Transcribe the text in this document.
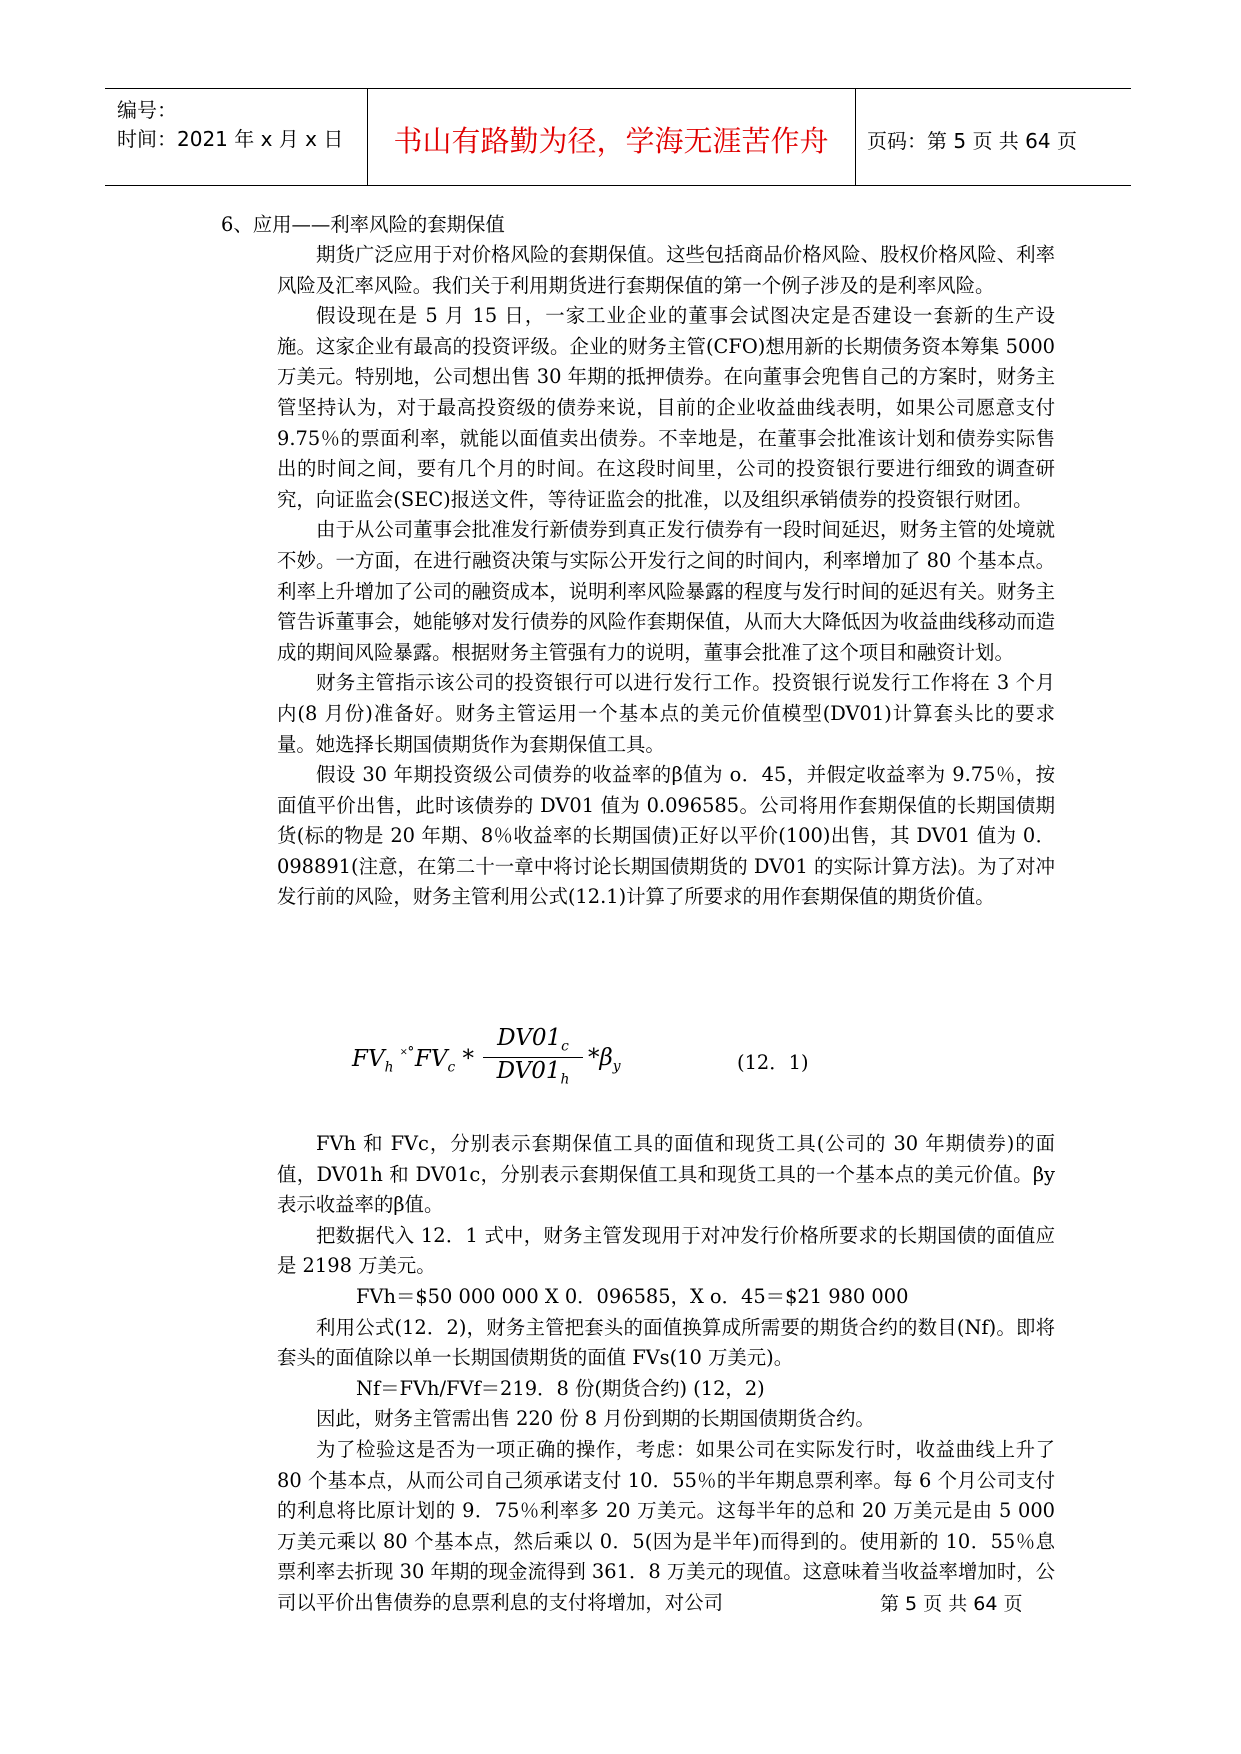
编号：
时间：2021 年 x 月 x 日	书山有路勤为径，学海无涯苦作舟	页码：第 5 页 共 64 页
6、应用——利率风险的套期保值

期货广泛应用于对价格风险的套期保值。这些包括商品价格风险、股权价格风险、利率风险及汇率风险。我们关于利用期货进行套期保值的第一个例子涉及的是利率风险。

假设现在是 5 月 15 日，一家工业企业的董事会试图决定是否建设一套新的生产设施。这家企业有最高的投资评级。企业的财务主管(CFO)想用新的长期债务资本筹集 5000 万美元。特别地，公司想出售 30 年期的抵押债券。在向董事会兜售自己的方案时，财务主管坚持认为，对于最高投资级的债券来说，目前的企业收益曲线表明，如果公司愿意支付 9.75％的票面利率，就能以面值卖出债券。不幸地是，在董事会批准该计划和债券实际售出的时间之间，要有几个月的时间。在这段时间里，公司的投资银行要进行细致的调查研究，向证监会(SEC)报送文件，等待证监会的批准，以及组织承销债券的投资银行财团。

由于从公司董事会批准发行新债券到真正发行债券有一段时间延迟，财务主管的处境就不妙。一方面，在进行融资决策与实际公开发行之间的时间内，利率增加了 80 个基本点。利率上升增加了公司的融资成本，说明利率风险暴露的程度与发行时间的延迟有关。财务主管告诉董事会，她能够对发行债券的风险作套期保值，从而大大降低因为收益曲线移动而造成的期间风险暴露。根据财务主管强有力的说明，董事会批准了这个项目和融资计划。

财务主管指示该公司的投资银行可以进行发行工作。投资银行说发行工作将在 3 个月内(8 月份)准备好。财务主管运用一个基本点的美元价值模型(DV01)计算套头比的要求量。她选择长期国债期货作为套期保值工具。

假设 30 年期投资级公司债券的收益率的β值为 o．45，并假定收益率为 9.75％，按面值平价出售，此时该债券的 DV01 值为 0.096585。公司将用作套期保值的长期国债期货(标的物是 20 年期、8％收益率的长期国债)正好以平价(100)出售，其 DV01 值为 0．098891(注意，在第二十一章中将讨论长期国债期货的 DV01 的实际计算方法)。为了对冲发行前的风险，财务主管利用公式(12.1)计算了所要求的用作套期保值的期货价值。

$FV_h$ $^{˟˚}FV_c * \frac{DV01_c}{DV01_h} *\beta_y$	(12．1)

FVh 和 FVc，分别表示套期保值工具的面值和现货工具(公司的 30 年期债券)的面值，DV01h 和 DV01c，分别表示套期保值工具和现货工具的一个基本点的美元价值。βy 表示收益率的β值。

把数据代入 12．1 式中，财务主管发现用于对冲发行价格所要求的长期国债的面值应是 2198 万美元。

FVh＝$50 000 000 X 0．096585，X o．45＝$21 980 000

利用公式(12．2)，财务主管把套头的面值换算成所需要的期货合约的数目(Nf)。即将套头的面值除以单一长期国债期货的面值 FVs(10 万美元)。

Nf＝FVh/FVf＝219．8 份(期货合约) (12，2)

因此，财务主管需出售 220 份 8 月份到期的长期国债期货合约。

为了检验这是否为一项正确的操作，考虑：如果公司在实际发行时，收益曲线上升了 80 个基本点，从而公司自己须承诺支付 10．55％的半年期息票利率。每 6 个月公司支付的利息将比原计划的 9．75％利率多 20 万美元。这每半年的总和 20 万美元是由 5 000 万美元乘以 80 个基本点，然后乘以 0．5(因为是半年)而得到的。使用新的 10．55％息票利率去折现 30 年期的现金流得到 361．8 万美元的现值。这意味着当收益率增加时，公司以平价出售债券的息票利息的支付将增加，对公司	第 5 页 共 64 页
